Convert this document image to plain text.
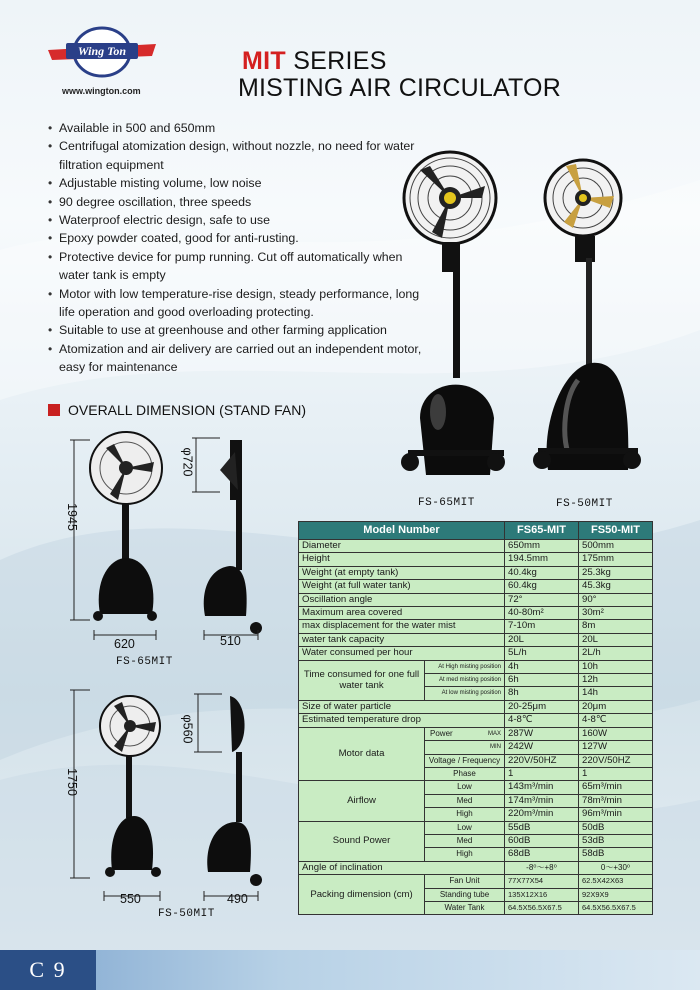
Wing Ton
www.wington.com
MIT SERIES
MISTING AIR CIRCULATOR
• Available in 500 and 650mm
• Centrifugal atomization design, without nozzle, no need for water filtration equipment
• Adjustable misting volume, low noise
• 90 degree oscillation, three speeds
• Waterproof electric design, safe to use
• Epoxy powder coated, good for anti-rusting.
• Protective device for pump running. Cut off automatically when water tank is empty
• Motor with low temperature-rise design, steady performance, long life operation and good overloading protecting.
• Suitable to use at greenhouse and other farming application
• Atomization and air delivery are carried out an independent motor, easy for maintenance
FS-65MIT	FS-50MIT
OVERALL DIMENSION (STAND FAN)
1945
φ720
620	510
FS-65MIT
1750
φ560
550	490
FS-50MIT
Model Number		FS65-MIT	FS50-MIT
Diameter		650mm	500mm
Height		194.5mm	175mm
Weight (at empty tank)		40.4kg	25.3kg
Weight (at full water tank)		60.4kg	45.3kg
Oscillation angle		72°	90°
Maximum area covered		40-80m²	30m²
max displacement for the water mist		7-10m	8m
water tank capacity		20L	20L
Water consumed per hour		5L/h	2L/h
Time consumed for one full water tank	At High misting position	4h	10h
	At med misting position	6h	12h
	At low misting position	8h	14h
Size of water particle		20-25μm	20μm
Estimated temperature drop		4-8℃	4-8℃
Motor data	Power MAX	287W	160W
	MIN	242W	127W
	Voltage / Frequency	220V/50HZ	220V/50HZ
	Phase	1	1
Airflow	Low	143m³/min	65m³/min
	Med	174m³/min	78m³/min
	High	220m³/min	96m³/min
Sound Power	Low	55dB	50dB
	Med	60dB	53dB
	High	68dB	58dB
Angle of inclination		-8⁰～+8⁰	0～+30⁰
Packing dimension (cm)	Fan Unit	77X77X54	62.5X42X63
	Standing tube	135X12X16	92X9X9
	Water Tank	64.5X56.5X67.5	64.5X56.5X67.5
C 9
